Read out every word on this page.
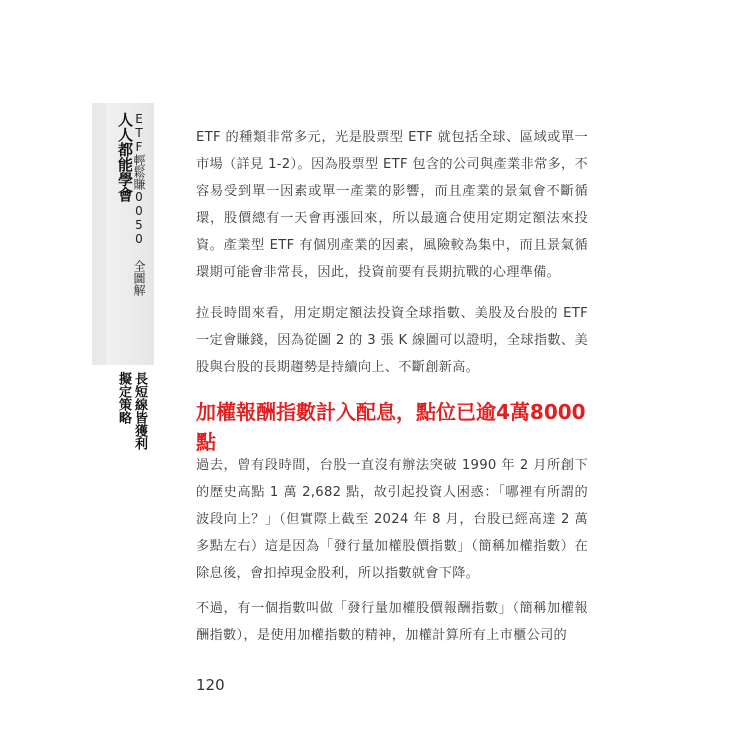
人人都能學會
ETF輕鬆賺0050 全圖解
擬定策略 長短線皆獲利
ETF 的種類非常多元，光是股票型 ETF 就包括全球、區域或單一市場（詳見 1-2）。因為股票型 ETF 包含的公司與產業非常多，不容易受到單一因素或單一產業的影響，而且產業的景氣會不斷循環，股價總有一天會再漲回來，所以最適合使用定期定額法來投資。產業型 ETF 有個別產業的因素，風險較為集中，而且景氣循環期可能會非常長，因此，投資前要有長期抗戰的心理準備。
拉長時間來看，用定期定額法投資全球指數、美股及台股的 ETF 一定會賺錢，因為從圖 2 的 3 張 K 線圖可以證明，全球指數、美股與台股的長期趨勢是持續向上、不斷創新高。
加權報酬指數計入配息，點位已逾4萬8000點
過去，曾有段時間，台股一直沒有辦法突破 1990 年 2 月所創下的歷史高點 1 萬 2,682 點，故引起投資人困惑：「哪裡有所謂的波段向上？」（但實際上截至 2024 年 8 月，台股已經高達 2 萬多點左右）這是因為「發行量加權股價指數」（簡稱加權指數）在除息後，會扣掉現金股利，所以指數就會下降。
不過，有一個指數叫做「發行量加權股價報酬指數」（簡稱加權報酬指數），是使用加權指數的精神，加權計算所有上市櫃公司的
120
